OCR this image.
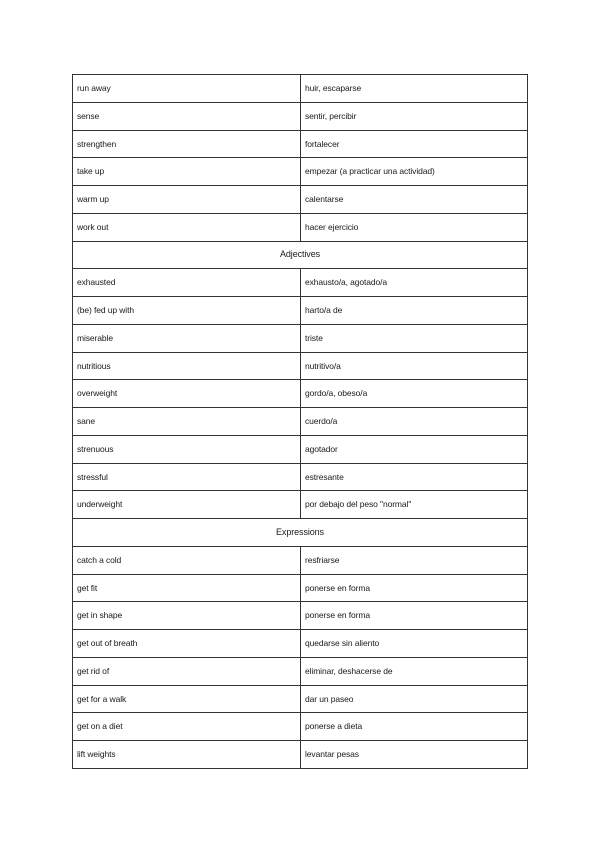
run away	huir, escaparse
sense	sentir, percibir
strengthen	fortalecer
take up	empezar (a practicar una actividad)
warm up	calentarse
work out	hacer ejercicio
Adjectives	
exhausted	exhausto/a, agotado/a
(be) fed up with	harto/a de
miserable	triste
nutritious	nutritivo/a
overweight	gordo/a, obeso/a
sane	cuerdo/a
strenuous	agotador
stressful	estresante
underweight	por debajo del peso "normal"
Expressions	
catch a cold	resfriarse
get fit	ponerse en forma
get in shape	ponerse en forma
get out of breath	quedarse sin aliento
get rid of	eliminar, deshacerse de
get for a walk	dar un paseo
get on a diet	ponerse a dieta
lift weights	levantar pesas
